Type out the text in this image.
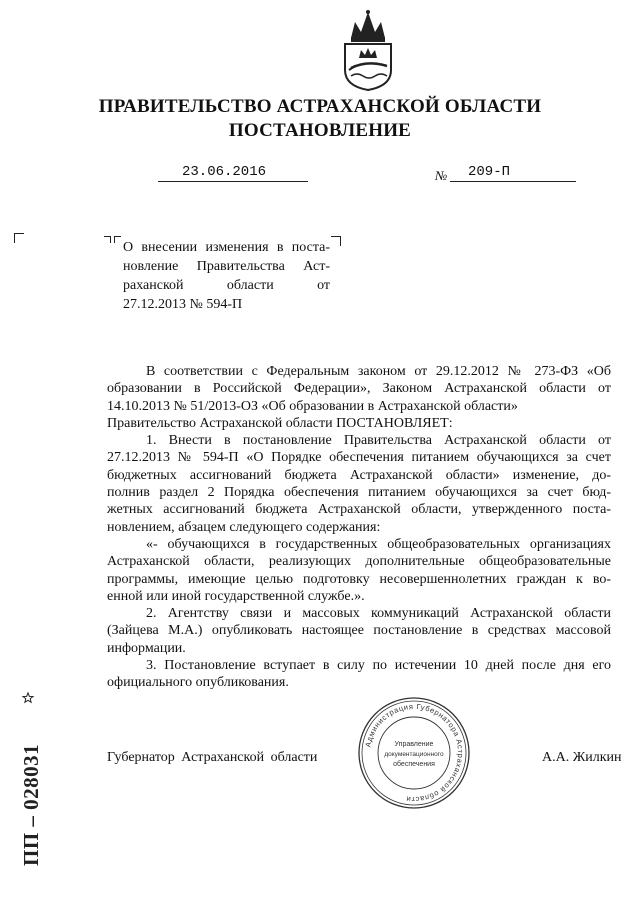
ПРАВИТЕЛЬСТВО АСТРАХАНСКОЙ ОБЛАСТИ
ПОСТАНОВЛЕНИЕ
23.06.2016	№ 209-П
О внесении изменения в поста-
новление Правительства Аст-
раханской области от
27.12.2013 № 594-П
В соответствии с Федеральным законом от 29.12.2012 № 273-ФЗ «Об
образовании в Российской Федерации», Законом Астраханской области от
14.10.2013 № 51/2013-ОЗ «Об образовании в Астраханской области»
Правительство Астраханской области ПОСТАНОВЛЯЕТ:
1. Внести в постановление Правительства Астраханской области от
27.12.2013 № 594-П «О Порядке обеспечения питанием обучающихся за счет
бюджетных ассигнований бюджета Астраханской области» изменение, до-
полнив раздел 2 Порядка обеспечения питанием обучающихся за счет бюд-
жетных ассигнований бюджета Астраханской области, утвержденного поста-
новлением, абзацем следующего содержания:
«- обучающихся в государственных общеобразовательных организациях
Астраханской области, реализующих дополнительные общеобразовательные
программы, имеющие целью подготовку несовершеннолетних граждан к во-
енной или иной государственной службе.».
2. Агентству связи и массовых коммуникаций Астраханской области
(Зайцева М.А.) опубликовать настоящее постановление в средствах массовой
информации.
3. Постановление вступает в силу по истечении 10 дней после дня его
официального опубликования.
Губернатор Астраханской области	А.А. Жилкин
Администрация Губернатора Астраханской области
Управление
документационного
обеспечения
ПП – 028031
